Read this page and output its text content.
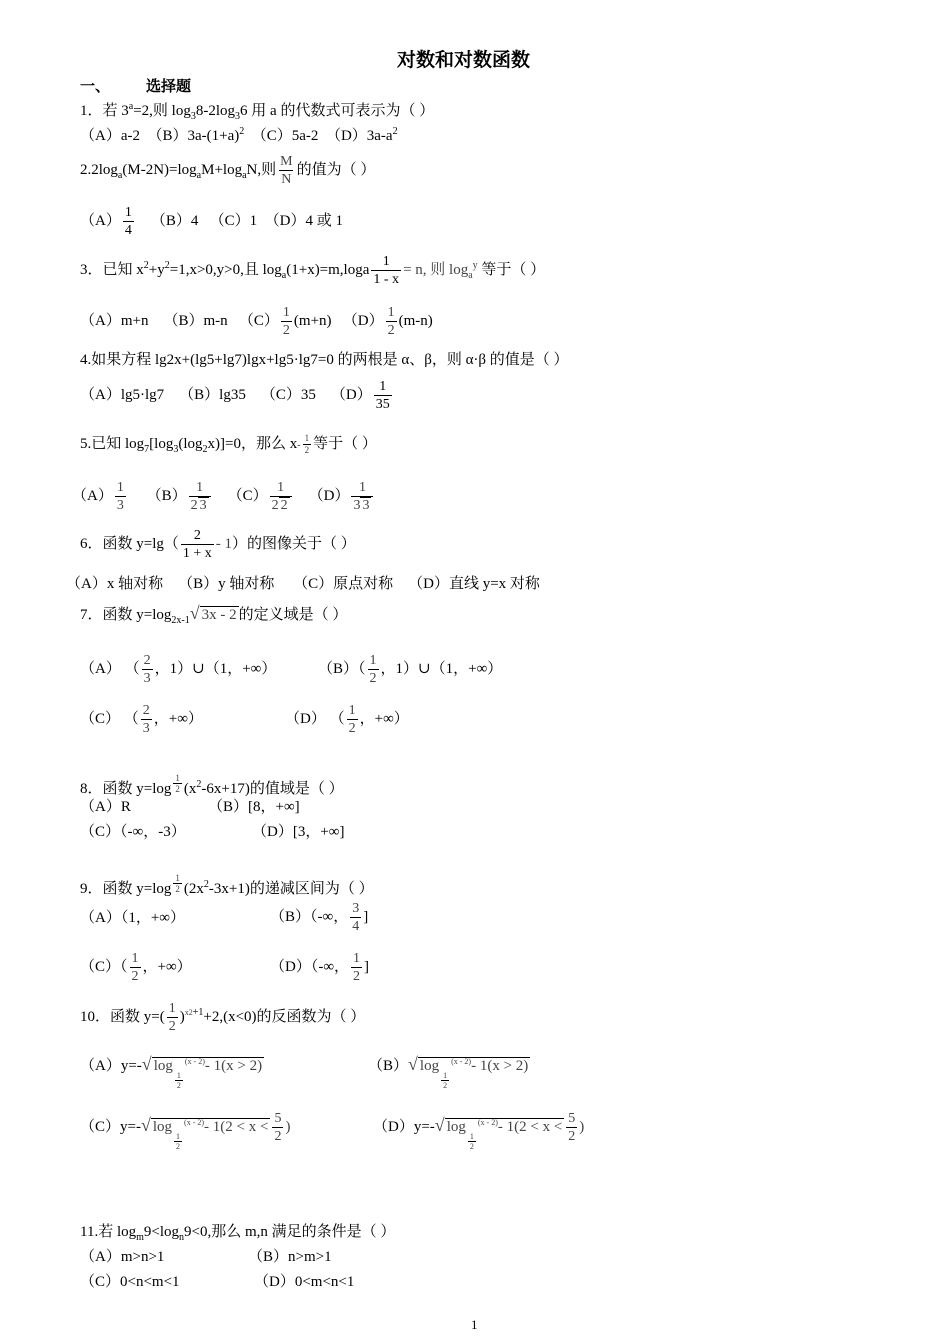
对数和对数函数
一、 选择题
1．若 $3^a=2$,则 $\log_38-2\log_36$ 用 a 的代数式可表示为（ ）
（A）a-2 $(B)3a-(1+a)^2$ （C）5a-2 $(D)3a-a^2$
$2.2\log_a(M-2N)=\log_aM+\log_aN$,则 $\frac{M}{N}$ 的值为（ ）
$(A) \frac{1}{4} (B)4$ （C）1 （D）4 或 1
3．已知 $x^2+y^2=1,x>0,y>0$,且 $\log_a(1+x)=m,\log a \frac{1}{1 - x} = n$, 则 $\log_a^y$ 等于（ ）
（A）m+n （B）m-n $(C) \frac{1}{2} (m+n)$ $(D) \frac{1}{2} (m-n)$
4.如果方程 lg2x+(lg5+lg7)lgx+lg5·lg7=0 的两根是 α、β，则 α·β 的值是（ ）
（A）lg5·lg7 （B）lg35 （C）35 $(D) \frac{1}{35}$
5.已知 $\log_7[\log_3(\log_2x)]=0$，那么 $x- \frac{1}{2}$ 等于（ ）
$(A) \frac{1}{3} (B) \frac{1}{2 3} (C) \frac{1}{2 2} (D) \frac{1}{3 3}$
6．函数 $y=\lg( \frac{2}{1 + x} - 1)$的图像关于（ ）
（A）x 轴对称 （B）y 轴对称 （C）原点对称 （D）直线 y=x 对称
7．函数 $y=\log_{2x-1}√$ 3x - 2 的定义域是（ ）
（A） （ $\frac{2}{3}$ ，1）∪（1，+∞）	$(B)( \frac{1}{2}$ ，1）∪（1，+∞）
（C） （ $\frac{2}{3}$ ，+∞）	（D） （ $\frac{1}{2}$ ，+∞）
8．函数 $y=\log \frac{1}{2} (x^2-6x+17)$的值域是（ ）
（A）R	（B）[8，+∞]
（C）（-∞，-3）	（D）[3，+∞]
9．函数 $y=\log \frac{1}{2} (2x^2-3x+1)$的递减区间为（ ）
（A）（1，+∞）	（B）（-∞， $\frac{3}{4}$ ]
$(C)( \frac{1}{2}$ ，+∞）	（D）（-∞， $\frac{1}{2}$ ]
10．函数 $y=( \frac{1}{2} )^{x2+1}+2,(x<0)$的反函数为（ ）
（A）y=-√ log
$\frac{1}{2}$
$^{(x - 2)}$- 1(x > 2)	（B）√ log
$\frac{1}{2}$
$^{(x - 2)}$- 1(x > 2)
（C）y=-√ log
$\frac{1}{2}$
$^{(x - 2)}$- $1(2 < x < \frac{5}{2}$ )	（D）y=-√ log
$\frac{1}{2}$
$^{(x - 2)}$- $1(2 < x < \frac{5}{2}$ )
11.若 $\log_m9<\log_n9<0$,那么 m,n 满足的条件是（ ）
（A）m>n>1	（B）n>m>1
（C）0<n<m<1	（D）0<m<n<1
1
